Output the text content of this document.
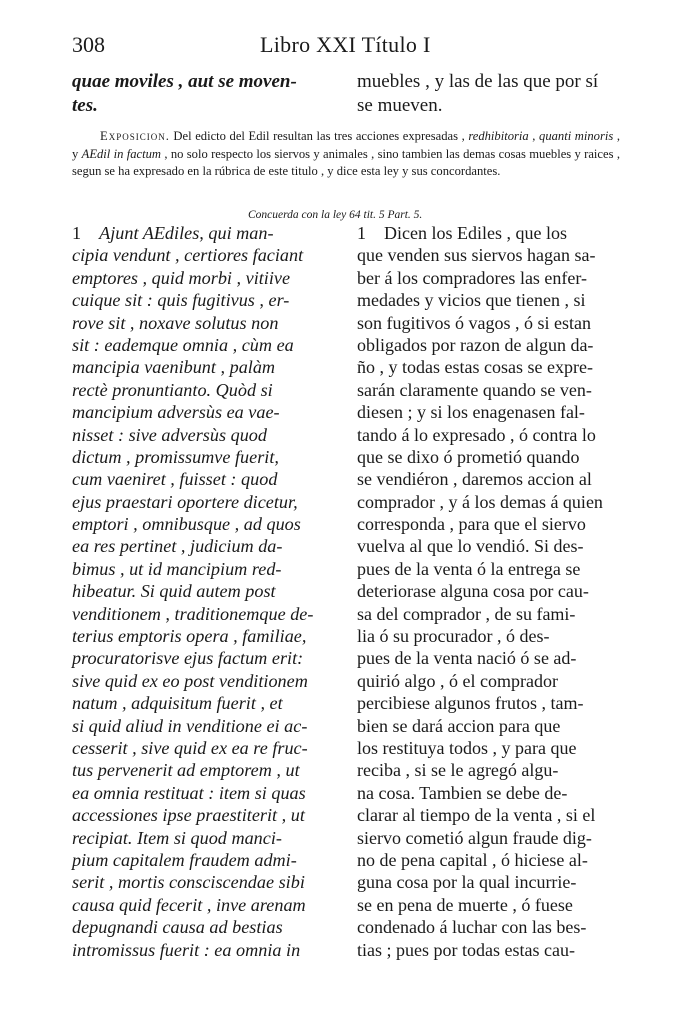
308	Libro XXI Título I
quae moviles , aut se moven-
tes.
muebles , y las de las que por sí
se mueven.
Exposicion. Del edicto del Edil resultan las tres acciones expresadas , redhibitoria , quanti minoris , y AEdil in factum , no solo respecto los siervos y animales , sino tambien las demas cosas muebles y raices , segun se ha expresado en la rúbrica de este titulo , y dice esta ley y sus concordantes.
Concuerda con la ley 64 tit. 5 Part. 5.
1 Ajunt AEdiles, qui man-
cipia vendunt , certiores faciant
emptores , quid morbi , vitiive
cuique sit : quis fugitivus , er-
rove sit , noxave solutus non
sit : eademque omnia , cùm ea
mancipia vaenibunt , palàm
rectè pronuntianto. Quòd si
mancipium adversùs ea vae-
nisset : sive adversùs quod
dictum , promissumve fuerit,
cum vaeniret , fuisset : quod
ejus praestari oportere dicetur,
emptori , omnibusque , ad quos
ea res pertinet , judicium da-
bimus , ut id mancipium red-
hibeatur. Si quid autem post
venditionem , traditionemque de-
terius emptoris opera , familiae,
procuratorisve ejus factum erit:
sive quid ex eo post venditionem
natum , adquisitum fuerit , et
si quid aliud in venditione ei ac-
cesserit , sive quid ex ea re fruc-
tus pervenerit ad emptorem , ut
ea omnia restituat : item si quas
accessiones ipse praestiterit , ut
recipiat. Item si quod manci-
pium capitalem fraudem admi-
serit , mortis consciscendae sibi
causa quid fecerit , inve arenam
depugnandi causa ad bestias
intromissus fuerit : ea omnia in
1 Dicen los Ediles , que los
que venden sus siervos hagan sa-
ber á los compradores las enfer-
medades y vicios que tienen , si
son fugitivos ó vagos , ó si estan
obligados por razon de algun da-
ño , y todas estas cosas se expre-
sarán claramente quando se ven-
diesen ; y si los enagenasen fal-
tando á lo expresado , ó contra lo
que se dixo ó prometió quando
se vendiéron , daremos accion al
comprador , y á los demas á quien
corresponda , para que el siervo
vuelva al que lo vendió. Si des-
pues de la venta ó la entrega se
deteriorase alguna cosa por cau-
sa del comprador , de su fami-
lia ó su procurador , ó des-
pues de la venta nació ó se ad-
quirió algo , ó el comprador
percibiese algunos frutos , tam-
bien se dará accion para que
los restituya todos , y para que
reciba , si se le agregó algu-
na cosa. Tambien se debe de-
clarar al tiempo de la venta , si el
siervo cometió algun fraude dig-
no de pena capital , ó hiciese al-
guna cosa por la qual incurrie-
se en pena de muerte , ó fuese
condenado á luchar con las bes-
tias ; pues por todas estas cau-
